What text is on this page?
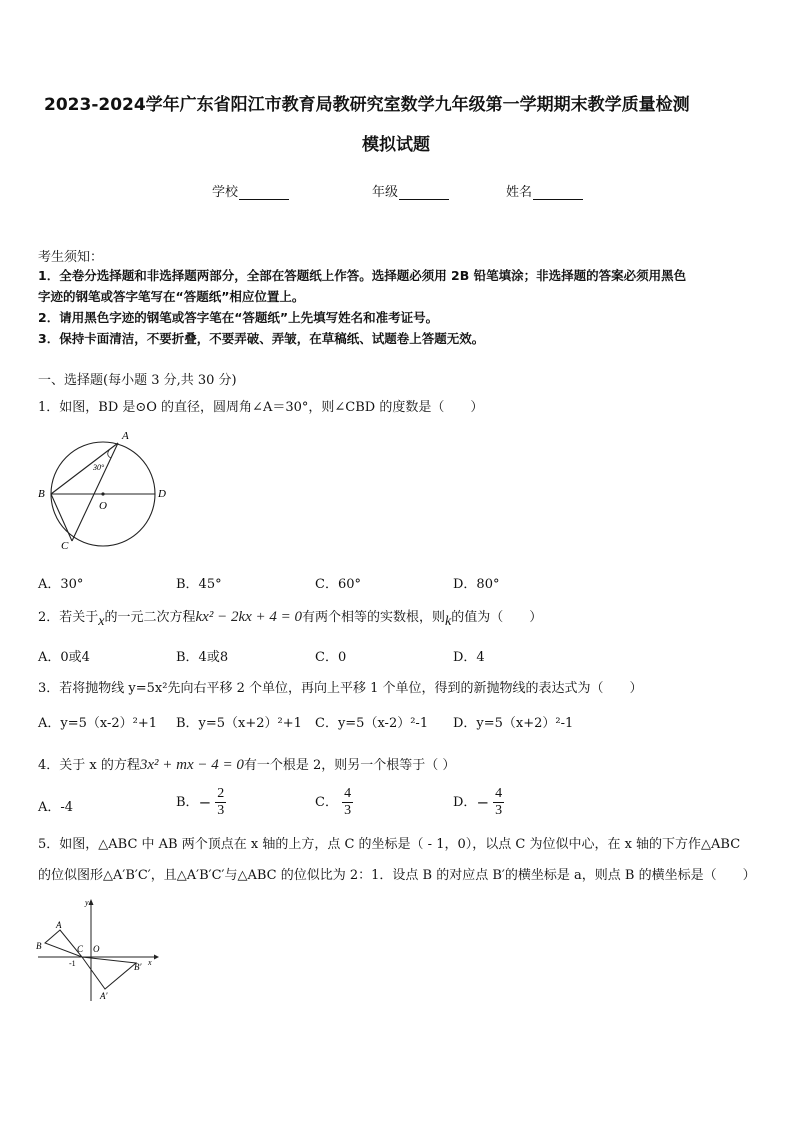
2023-2024学年广东省阳江市教育局教研究室数学九年级第一学期期末教学质量检测
模拟试题
学校	年级	姓名
考生须知：
1．全卷分选择题和非选择题两部分，全部在答题纸上作答。选择题必须用 2B 铅笔填涂；非选择题的答案必须用黑色
字迹的钢笔或答字笔写在“答题纸”相应位置上。
2．请用黑色字迹的钢笔或答字笔在“答题纸”上先填写姓名和准考证号。
3．保持卡面清洁，不要折叠，不要弄破、弄皱，在草稿纸、试题卷上答题无效。
一、选择题(每小题 3 分,共 30 分)
1．如图，BD 是⊙O 的直径，圆周角∠A＝30°，则∠CBD 的度数是（　　）
A
B
C
D
O
30°
A．30°	B．45°	C．60°	D．80°
2．若关于x的一元二次方程kx² − 2kx + 4 = 0有两个相等的实数根，则k的值为（　　）
A．0或4	B．4或8	C．0	D．4
3．若将抛物线 y=5x²先向右平移 2 个单位，再向上平移 1 个单位，得到的新抛物线的表达式为（　　）
A．y=5（x-2）²+1 B．y=5（x+2）²+1 C．y=5（x-2）²-1 D．y=5（x+2）²-1
4．关于 x 的方程3x² + mx − 4 = 0有一个根是 2，则另一个根等于（ ）
A．-4	B．− $\frac{2}{3}$	C． $\frac{4}{3}$	D．− $\frac{4}{3}$
5．如图，△ABC 中 AB 两个顶点在 x 轴的上方，点 C 的坐标是（ - 1，0），以点 C 为位似中心，在 x 轴的下方作△ABC
的位似图形△A′B′C′，且△A′B′C′与△ABC 的位似比为 2：1．设点 B 的对应点 B′的横坐标是 a，则点 B 的横坐标是（　　）
A
B	C O
-1	B′
A′
x
y
